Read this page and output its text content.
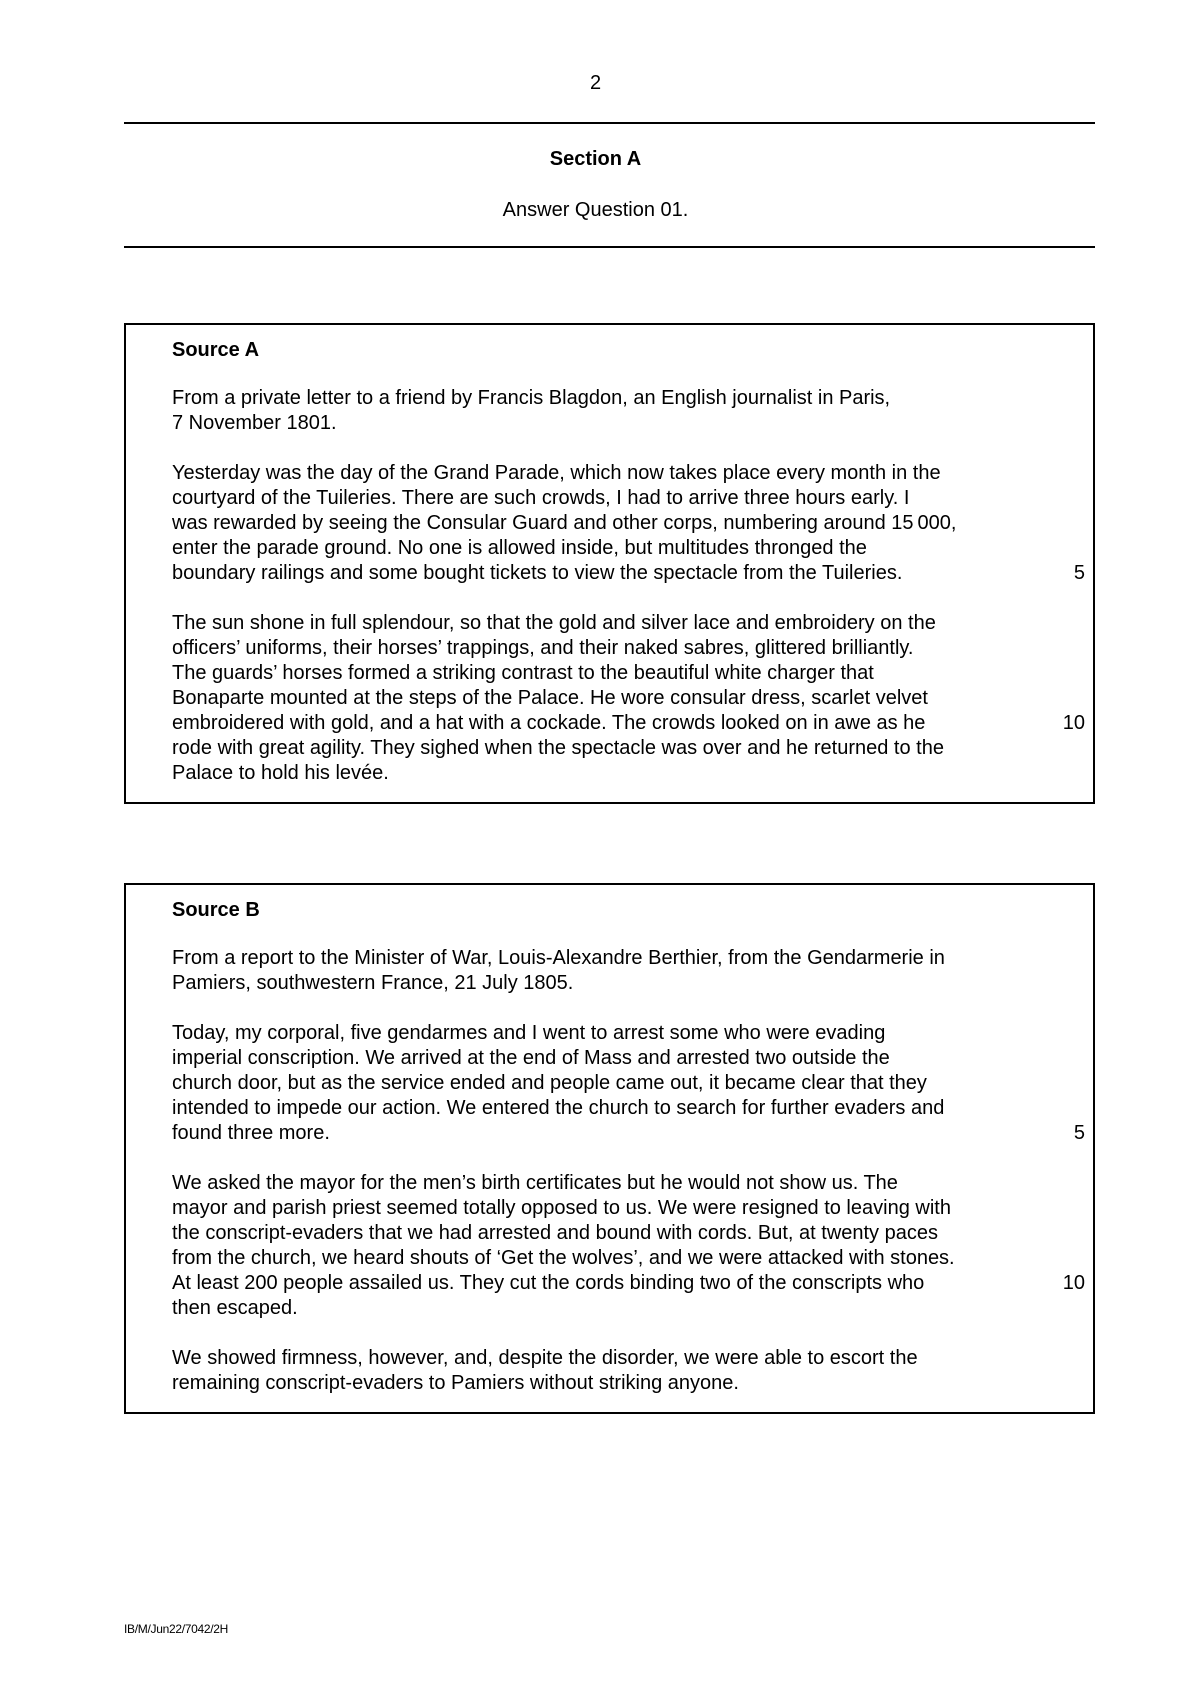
2
Section A
Answer Question 01.
Source A
From a private letter to a friend by Francis Blagdon, an English journalist in Paris,
7 November 1801.
Yesterday was the day of the Grand Parade, which now takes place every month in the
courtyard of the Tuileries. There are such crowds, I had to arrive three hours early. I
was rewarded by seeing the Consular Guard and other corps, numbering around 15 000,
enter the parade ground. No one is allowed inside, but multitudes thronged the
boundary railings and some bought tickets to view the spectacle from the Tuileries.	5
The sun shone in full splendour, so that the gold and silver lace and embroidery on the
officers’ uniforms, their horses’ trappings, and their naked sabres, glittered brilliantly.
The guards’ horses formed a striking contrast to the beautiful white charger that
Bonaparte mounted at the steps of the Palace. He wore consular dress, scarlet velvet
embroidered with gold, and a hat with a cockade. The crowds looked on in awe as he	10
rode with great agility. They sighed when the spectacle was over and he returned to the
Palace to hold his levée.
Source B
From a report to the Minister of War, Louis-Alexandre Berthier, from the Gendarmerie in
Pamiers, southwestern France, 21 July 1805.
Today, my corporal, five gendarmes and I went to arrest some who were evading
imperial conscription. We arrived at the end of Mass and arrested two outside the
church door, but as the service ended and people came out, it became clear that they
intended to impede our action. We entered the church to search for further evaders and
found three more.	5
We asked the mayor for the men’s birth certificates but he would not show us. The
mayor and parish priest seemed totally opposed to us. We were resigned to leaving with
the conscript-evaders that we had arrested and bound with cords. But, at twenty paces
from the church, we heard shouts of ‘Get the wolves’, and we were attacked with stones.
At least 200 people assailed us. They cut the cords binding two of the conscripts who	10
then escaped.
We showed firmness, however, and, despite the disorder, we were able to escort the
remaining conscript-evaders to Pamiers without striking anyone.
IB/M/Jun22/7042/2H
